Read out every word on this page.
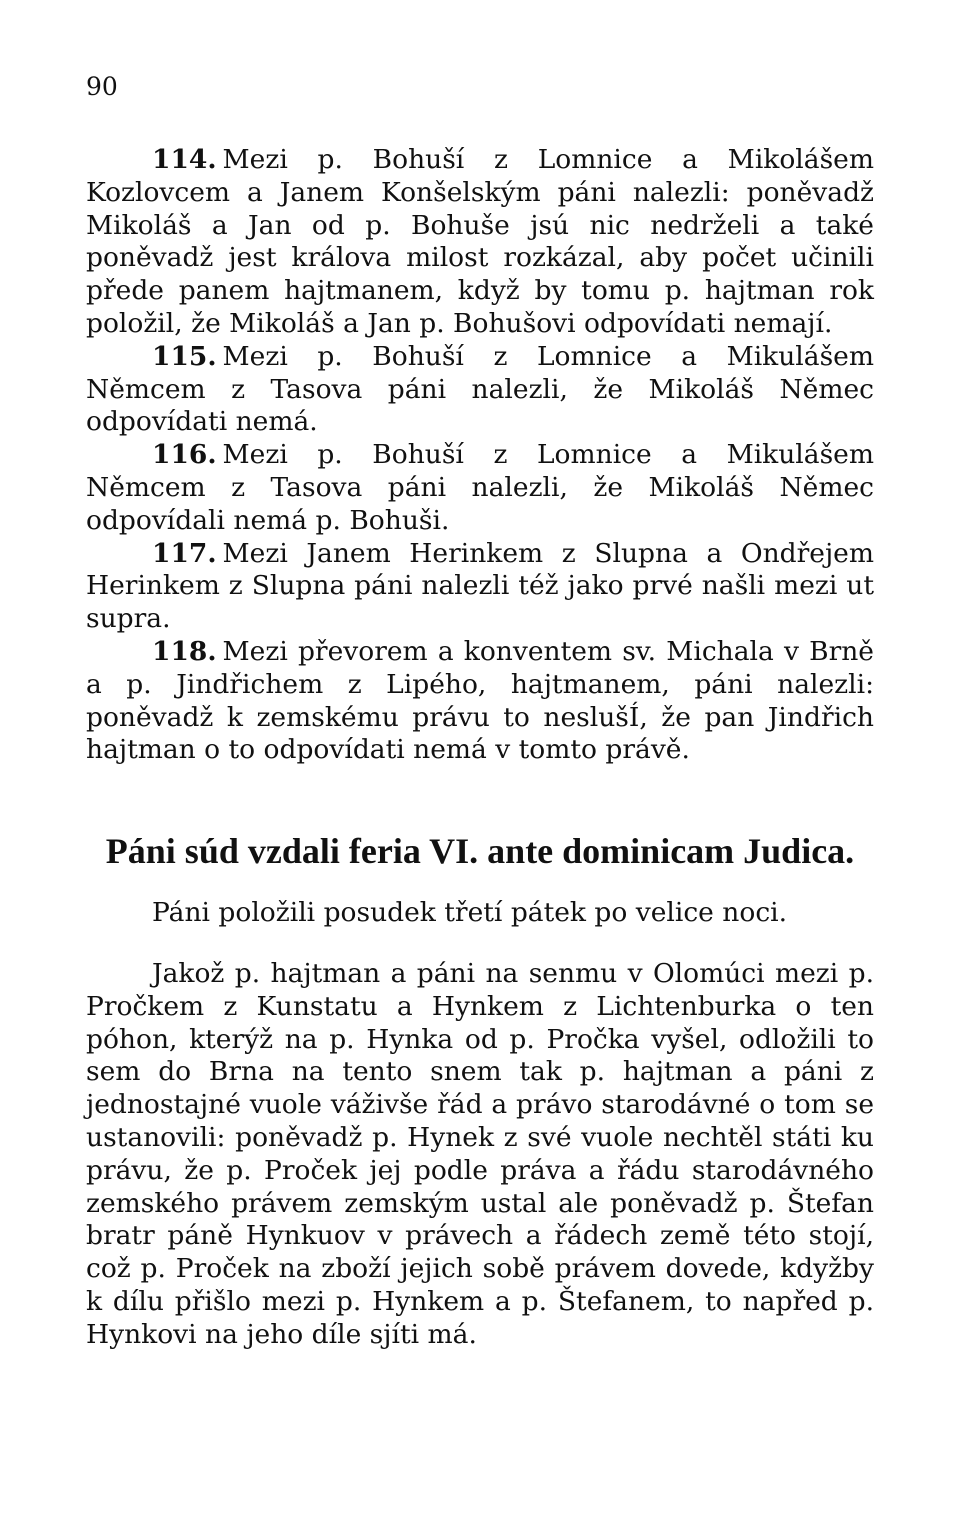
90

114. Mezi p. Bohuší z Lomnice a Mikolášem Kozlovcem a Janem Konšelským páni nalezli: poněvadž Mikoláš a Jan od p. Bohuše jsú nic nedrželi a také poněvadž jest králova milost rozkázal, aby počet učinili přede panem hajtmanem, když by tomu p. hajtman rok položil, že Mikoláš a Jan p. Bohušovi odpovídati nemají.

115. Mezi p. Bohuší z Lomnice a Mikulášem Němcem z Tasova páni nalezli, že Mikoláš Němec odpovídati nemá.

116. Mezi p. Bohuší z Lomnice a Mikulášem Němcem z Tasova páni nalezli, že Mikoláš Němec odpovídali nemá p. Bohuši.

117. Mezi Janem Herinkem z Slupna a Ondřejem Herinkem z Slupna páni nalezli též jako prvé našli mezi ut supra.

118. Mezi převorem a konventem sv. Michala v Brně a p. Jindřichem z Lipého, hajtmanem, páni nalezli: poněvadž k zemskému právu to neslušÍ, že pan Jindřich hajtman o to odpovídati nemá v tomto právě.

Páni súd vzdali feria VI. ante dominicam Judica.

Páni položili posudek třetí pátek po velice noci.

Jakož p. hajtman a páni na senmu v Olomúci mezi p. Pročkem z Kunstatu a Hynkem z Lichtenburka o ten póhon, kterýž na p. Hynka od p. Pročka vyšel, odložili to sem do Brna na tento snem tak p. hajtman a páni z jednostajné vuole váživše řád a právo starodávné o tom se ustanovili: poněvadž p. Hynek z své vuole nechtěl státi ku právu, že p. Proček jej podle práva a řádu starodávného zemského právem zemským ustal ale poněvadž p. Štefan bratr páně Hynkuov v právech a řádech země této stojí, což p. Proček na zboží jejich sobě právem dovede, kdyžby k dílu přišlo mezi p. Hynkem a p. Štefanem, to napřed p. Hynkovi na jeho díle sjíti má.
